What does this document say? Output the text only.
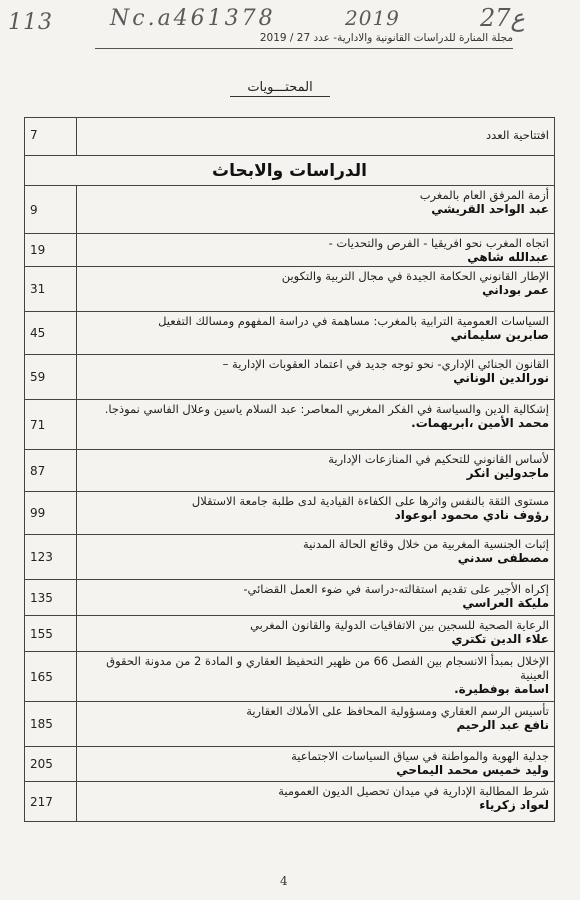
113	Nc.a461378	2019	27ع
مجلة المنارة للدراسات القانونية والادارية- عدد 27 / 2019
المحتـــويات
افتتاحية العدد	7
الدراسات والابحاث	

أزمة المرفق العام بالمغرب
عبد الواحد القريشي	9

اتجاه المغرب نحو افريقيا - الفرص والتحديات -
عبدالله شاهي	19

الإطار القانوني الحكامة الجيدة في مجال التربية والتكوين
عمر بوداني	31

السياسات العمومية الترابية بالمغرب: مساهمة في دراسة المفهوم ومسالك التفعيل
صابرين سليماني	45

القانون الجنائي الإداري- نحو توجه جديد في اعتماد العقوبات الإدارية –
نورالدين الوناني	59

إشكالية الدين والسياسة في الفكر المغربي المعاصر: عبد السلام ياسين وعلال الفاسي نموذجا.
محمد الأمين ،ابريهمات.	71

لأساس القانوني للتحكيم في المنازعات الإدارية
ماجدولين انكر	87

مستوى الثقة بالنفس واثرها على الكفاءة القيادية لدى طلبة جامعة الاستقلال
رؤوف نادي محمود ابوعواد	99

إثبات الجنسية المغربية من خلال وقائع الحالة المدنية
مصطفى سدني	123

إكراه الأجير على تقديم استقالته-دراسة في ضوء العمل القضائي-
مليكة العراسي	135

الرعاية الصحية للسجين بين الاتفاقيات الدولية والقانون المغربي
علاء الدين تكتري	155

الإخلال بمبدأ الانسجام بين الفصل 66 من ظهير التحفيظ العقاري و المادة 2 من مدونة الحقوق العينية
اسامة بوفطيرة.	165

تأسيس الرسم العقاري ومسؤولية المحافظ على الأملاك العقارية
نافع عبد الرحيم	185

جدلية الهوية والمواطنة في سياق السياسات الاجتماعية
وليد خميس محمد اليماحي	205

شرط المطالبة الإدارية في ميدان تحصيل الديون العمومية
لعواد زكرياء	217
4
